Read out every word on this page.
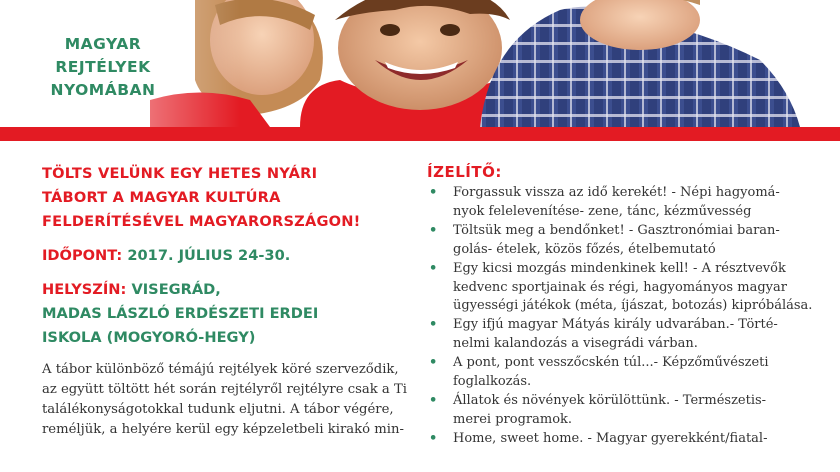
MAGYAR
REJTÉLYEK
NYOMÁBAN
TÖLTS VELÜNK EGY HETES NYÁRI
TÁBORT A MAGYAR KULTÚRA
FELDERÍTÉSÉVEL MAGYARORSZÁGON!
IDŐPONT: 2017. JÚLIUS 24-30.
HELYSZÍN: VISEGRÁD,
MADAS LÁSZLÓ ERDÉSZETI ERDEI
ISKOLA (MOGYORÓ-HEGY)
A tábor különböző témájú rejtélyek köré szerveződik,
az együtt töltött hét során rejtélyről rejtélyre csak a Ti
találékonyságotokkal tudunk eljutni. A tábor végére,
reméljük, a helyére kerül egy képzeletbeli kirakó min-
ÍZELÍTŐ:
• Forgassuk vissza az idő kerekét! - Népi hagyomá-
nyok felelevenítése- zene, tánc, kézművesség
• Töltsük meg a bendőnket! - Gasztronómiai baran-
golás- ételek, közös főzés, ételbemutató
• Egy kicsi mozgás mindenkinek kell! - A résztvevők
kedvenc sportjainak és régi, hagyományos magyar
ügyességi játékok (méta, íjászat, botozás) kipróbálása.
• Egy ifjú magyar Mátyás király udvarában.- Törté-
nelmi kalandozás a visegrádi várban.
• A pont, pont vesszőcskén túl...- Képzőművészeti
foglalkozás.
• Állatok és növények körülöttünk. - Természetis-
merei programok.
• Home, sweet home. - Magyar gyerekként/fiatal-
